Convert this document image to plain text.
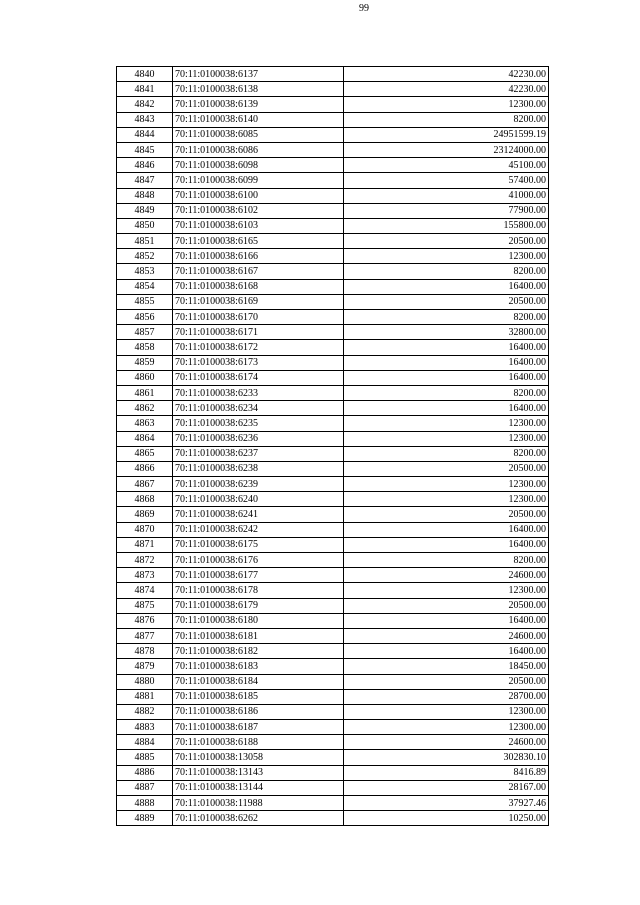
99
4840	70:11:0100038:6137	42230.00
4841	70:11:0100038:6138	42230.00
4842	70:11:0100038:6139	12300.00
4843	70:11:0100038:6140	8200.00
4844	70:11:0100038:6085	24951599.19
4845	70:11:0100038:6086	23124000.00
4846	70:11:0100038:6098	45100.00
4847	70:11:0100038:6099	57400.00
4848	70:11:0100038:6100	41000.00
4849	70:11:0100038:6102	77900.00
4850	70:11:0100038:6103	155800.00
4851	70:11:0100038:6165	20500.00
4852	70:11:0100038:6166	12300.00
4853	70:11:0100038:6167	8200.00
4854	70:11:0100038:6168	16400.00
4855	70:11:0100038:6169	20500.00
4856	70:11:0100038:6170	8200.00
4857	70:11:0100038:6171	32800.00
4858	70:11:0100038:6172	16400.00
4859	70:11:0100038:6173	16400.00
4860	70:11:0100038:6174	16400.00
4861	70:11:0100038:6233	8200.00
4862	70:11:0100038:6234	16400.00
4863	70:11:0100038:6235	12300.00
4864	70:11:0100038:6236	12300.00
4865	70:11:0100038:6237	8200.00
4866	70:11:0100038:6238	20500.00
4867	70:11:0100038:6239	12300.00
4868	70:11:0100038:6240	12300.00
4869	70:11:0100038:6241	20500.00
4870	70:11:0100038:6242	16400.00
4871	70:11:0100038:6175	16400.00
4872	70:11:0100038:6176	8200.00
4873	70:11:0100038:6177	24600.00
4874	70:11:0100038:6178	12300.00
4875	70:11:0100038:6179	20500.00
4876	70:11:0100038:6180	16400.00
4877	70:11:0100038:6181	24600.00
4878	70:11:0100038:6182	16400.00
4879	70:11:0100038:6183	18450.00
4880	70:11:0100038:6184	20500.00
4881	70:11:0100038:6185	28700.00
4882	70:11:0100038:6186	12300.00
4883	70:11:0100038:6187	12300.00
4884	70:11:0100038:6188	24600.00
4885	70:11:0100038:13058	302830.10
4886	70:11:0100038:13143	8416.89
4887	70:11:0100038:13144	28167.00
4888	70:11:0100038:11988	37927.46
4889	70:11:0100038:6262	10250.00
